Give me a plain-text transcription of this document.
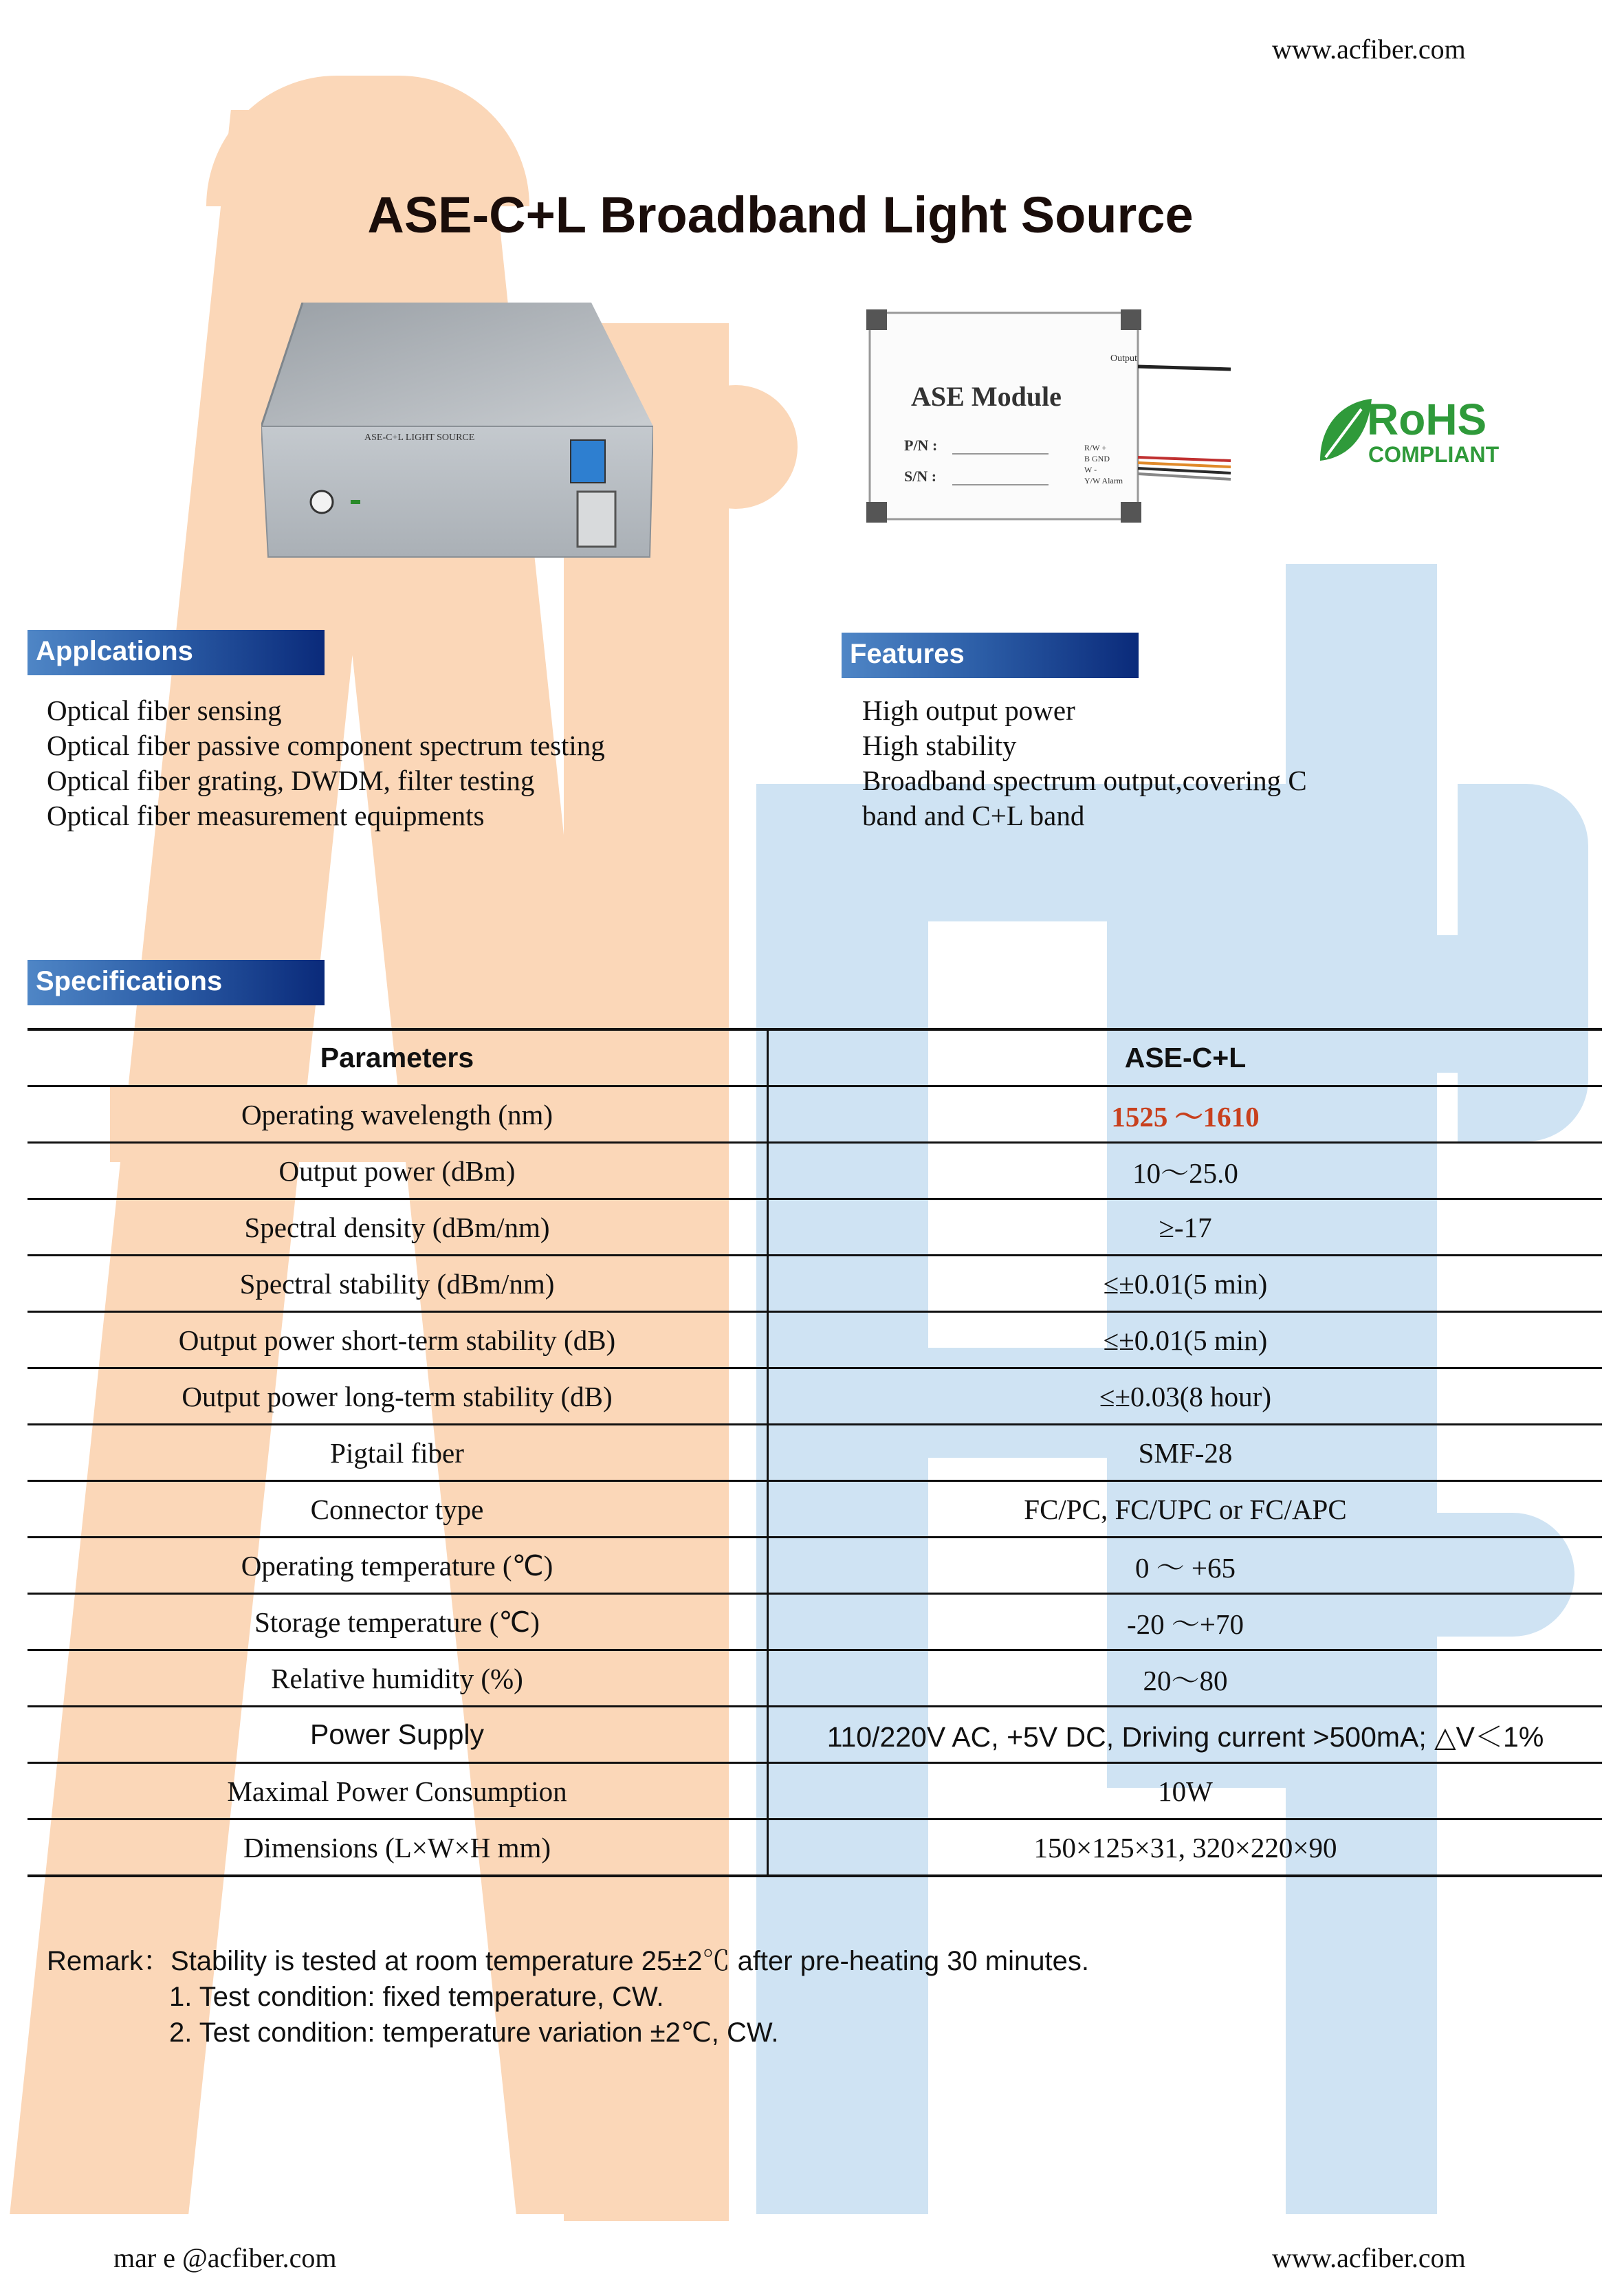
www.acfiber.com
ASE-C+L Broadband Light Source
ASE-C+L LIGHT SOURCE
Output
ASE Module
P/N :
S/N :
R/W +
B GND
W -
Y/W Alarm
RoHS
COMPLIANT
Applcations
Optical fiber sensing
Optical fiber passive component spectrum testing
Optical fiber grating, DWDM, filter testing
Optical fiber measurement equipments
Features
High output power
High stability
Broadband spectrum output,covering C
band and C+L band
Specifications
Parameters	ASE-C+L
Operating wavelength (nm)	1525 ～1610
Output power (dBm)	10～25.0
Spectral density (dBm/nm)	≥-17
Spectral stability (dBm/nm)	≤±0.01(5 min)
Output power short-term stability (dB)	≤±0.01(5 min)
Output power long-term stability (dB)	≤±0.03(8 hour)
Pigtail fiber	SMF-28
Connector type	FC/PC, FC/UPC or FC/APC
Operating temperature (℃)	0 ～ +65
Storage temperature (℃)	-20 ～+70
Relative humidity (%)	20～80
Power Supply	110/220V AC, +5V DC, Driving current >500mA; △V＜1%
Maximal Power Consumption	10W
Dimensions (L×W×H mm)	150×125×31, 320×220×90
Remark：Stability is tested at room temperature 25±2℃ after pre-heating 30 minutes.
1. Test condition: fixed temperature, CW.
2. Test condition: temperature variation ±2℃, CW.
mar e @acfiber.com	www.acfiber.com
